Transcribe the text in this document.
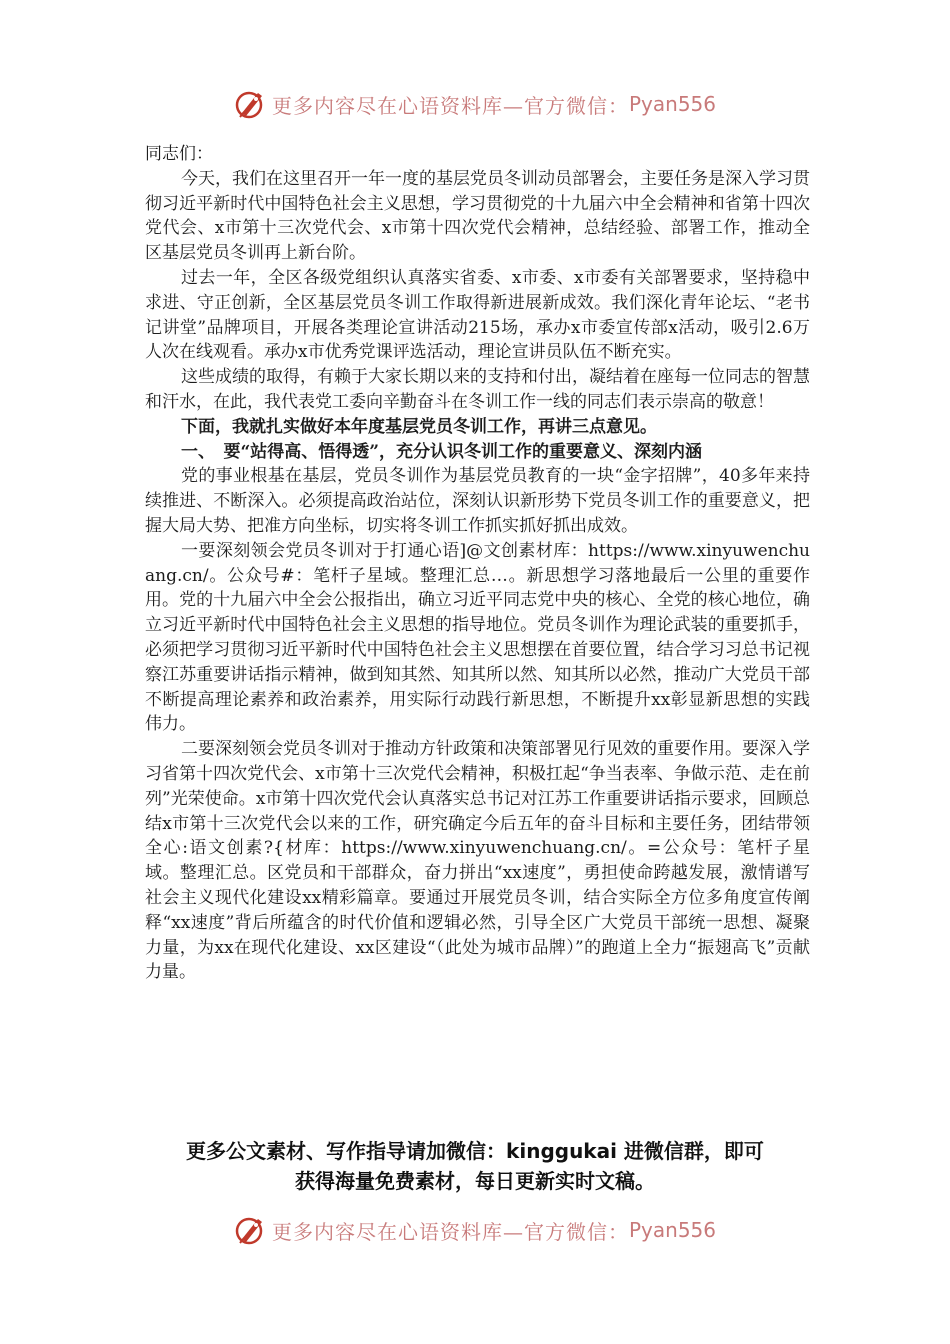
更多内容尽在心语资料库—官方微信： Pyan556

同志们：

今天，我们在这里召开一年一度的基层党员冬训动员部署会，主要任务是深入学习贯彻习近平新时代中国特色社会主义思想，学习贯彻党的十九届六中全会精神和省第十四次党代会、x市第十三次党代会、x市第十四次党代会精神，总结经验、部署工作，推动全区基层党员冬训再上新台阶。

过去一年，全区各级党组织认真落实省委、x市委、x市委有关部署要求，坚持稳中求进、守正创新，全区基层党员冬训工作取得新进展新成效。我们深化青年论坛、“老书记讲堂”品牌项目，开展各类理论宣讲活动215场，承办x市委宣传部x活动，吸引2.6万人次在线观看。承办x市优秀党课评选活动，理论宣讲员队伍不断充实。

这些成绩的取得，有赖于大家长期以来的支持和付出，凝结着在座每一位同志的智慧和汗水，在此，我代表党工委向辛勤奋斗在冬训工作一线的同志们表示崇高的敬意！

下面，我就扎实做好本年度基层党员冬训工作，再讲三点意见。

一、　要“站得高、悟得透”，充分认识冬训工作的重要意义、深刻内涵

党的事业根基在基层，党员冬训作为基层党员教育的一块“金字招牌”，40多年来持续推进、不断深入。必须提高政治站位，深刻认识新形势下党员冬训工作的重要意义，把握大局大势、把准方向坐标，切实将冬训工作抓实抓好抓出成效。

一要深刻领会党员冬训对于打通心语]@文创素材库：https://www.xinyuwenchuang.cn/。公众号#：笔杆子星域。整理汇总…。新思想学习落地最后一公里的重要作用。党的十九届六中全会公报指出，确立习近平同志党中央的核心、全党的核心地位，确立习近平新时代中国特色社会主义思想的指导地位。党员冬训作为理论武装的重要抓手，必须把学习贯彻习近平新时代中国特色社会主义思想摆在首要位置，结合学习习总书记视察江苏重要讲话指示精神，做到知其然、知其所以然、知其所以必然，推动广大党员干部不断提高理论素养和政治素养，用实际行动践行新思想，不断提升xx彰显新思想的实践伟力。

二要深刻领会党员冬训对于推动方针政策和决策部署见行见效的重要作用。要深入学习省第十四次党代会、x市第十三次党代会精神，积极扛起“争当表率、争做示范、走在前列”光荣使命。x市第十四次党代会认真落实总书记对江苏工作重要讲话指示要求，回顾总结x市第十三次党代会以来的工作，研究确定今后五年的奋斗目标和主要任务，团结带领全心:语文创素?{材库：https://www.xinyuwenchuang.cn/。=公众号：笔杆子星域。整理汇总。区党员和干部群众，奋力拼出“xx速度”，勇担使命跨越发展，激情谱写社会主义现代化建设xx精彩篇章。要通过开展党员冬训，结合实际全方位多角度宣传阐释“xx速度”背后所蕴含的时代价值和逻辑必然，引导全区广大党员干部统一思想、凝聚力量，为xx在现代化建设、xx区建设“（此处为城市品牌）”的跑道上全力“振翅高飞”贡献力量。

更多公文素材、写作指导请加微信：kinggukai 进微信群，即可
获得海量免费素材，每日更新实时文稿。
更多内容尽在心语资料库—官方微信： Pyan556
